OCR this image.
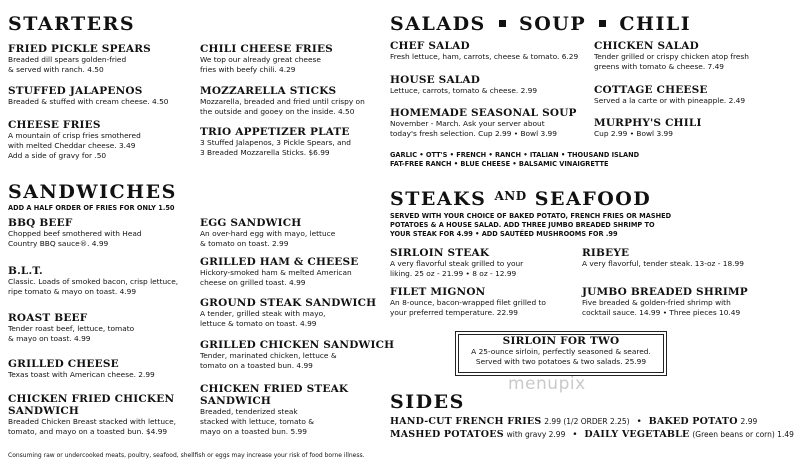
STARTERS
FRIED PICKLE SPEARS
Breaded dill spears golden-fried
& served with ranch. 4.50
STUFFED JALAPENOS
Breaded & stuffed with cream cheese. 4.50
CHEESE FRIES
A mountain of crisp fries smothered
with melted Cheddar cheese. 3.49
Add a side of gravy for .50
CHILI CHEESE FRIES
We top our already great cheese
fries with beefy chili. 4.29
MOZZARELLA STICKS
Mozzarella, breaded and fried until crispy on
the outside and gooey on the inside. 4.50
TRIO APPETIZER PLATE
3 Stuffed Jalapenos, 3 Pickle Spears, and
3 Breaded Mozzarella Sticks. $6.99
SANDWICHES
ADD A HALF ORDER OF FRIES FOR ONLY 1.50
BBQ BEEF
Chopped beef smothered with Head
Country BBQ sauce®. 4.99
B.L.T.
Classic. Loads of smoked bacon, crisp lettuce,
ripe tomato & mayo on toast. 4.99
ROAST BEEF
Tender roast beef, lettuce, tomato
& mayo on toast. 4.99
GRILLED CHEESE
Texas toast with American cheese. 2.99
CHICKEN FRIED CHICKEN
SANDWICH
Breaded Chicken Breast stacked with lettuce,
tomato, and mayo on a toasted bun. $4.99
EGG SANDWICH
An over-hard egg with mayo, lettuce
& tomato on toast. 2.99
GRILLED HAM & CHEESE
Hickory-smoked ham & melted American
cheese on grilled toast. 4.99
GROUND STEAK SANDWICH
A tender, grilled steak with mayo,
lettuce & tomato on toast. 4.99
GRILLED CHICKEN SANDWICH
Tender, marinated chicken, lettuce &
tomato on a toasted bun. 4.99
CHICKEN FRIED STEAK
SANDWICH
Breaded, tenderized steak
stacked with lettuce, tomato &
mayo on a toasted bun. 5.99
Consuming raw or undercooked meats, poultry, seafood, shellfish or eggs may increase your risk of food borne illness.
SALADS SOUP CHILI
CHEF SALAD
Fresh lettuce, ham, carrots, cheese & tomato. 6.29
HOUSE SALAD
Lettuce, carrots, tomato & cheese. 2.99
HOMEMADE SEASONAL SOUP
November - March. Ask your server about
today's fresh selection. Cup 2.99 • Bowl 3.99
CHICKEN SALAD
Tender grilled or crispy chicken atop fresh
greens with tomato & cheese. 7.49
COTTAGE CHEESE
Served a la carte or with pineapple. 2.49
MURPHY'S CHILI
Cup 2.99 • Bowl 3.99
GARLIC • OTT'S • FRENCH • RANCH • ITALIAN • THOUSAND ISLAND
FAT-FREE RANCH • BLUE CHEESE • BALSAMIC VINAIGRETTE
STEAKS $^{AND}$ SEAFOOD
SERVED WITH YOUR CHOICE OF BAKED POTATO, FRENCH FRIES OR MASHED
POTATOES & A HOUSE SALAD. ADD THREE JUMBO BREADED SHRIMP TO
YOUR STEAK FOR 4.99 • ADD SAUTÉED MUSHROOMS FOR .99
SIRLOIN STEAK
A very flavorful steak grilled to your
liking. 25 oz - 21.99 • 8 oz - 12.99
FILET MIGNON
An 8-ounce, bacon-wrapped filet grilled to
your preferred temperature. 22.99
RIBEYE
A very flavorful, tender steak. 13-oz - 18.99
JUMBO BREADED SHRIMP
Five breaded & golden-fried shrimp with
cocktail sauce. 14.99 • Three pieces 10.49
SIRLOIN FOR TWO
A 25-ounce sirloin, perfectly seasoned & seared.
Served with two potatoes & two salads. 25.99
menupix
SIDES
HAND-CUT FRENCH FRIES 2.99 (1/2 ORDER 2.25) • BAKED POTATO 2.99
MASHED POTATOES with gravy 2.99 • DAILY VEGETABLE (Green beans or corn) 1.49
